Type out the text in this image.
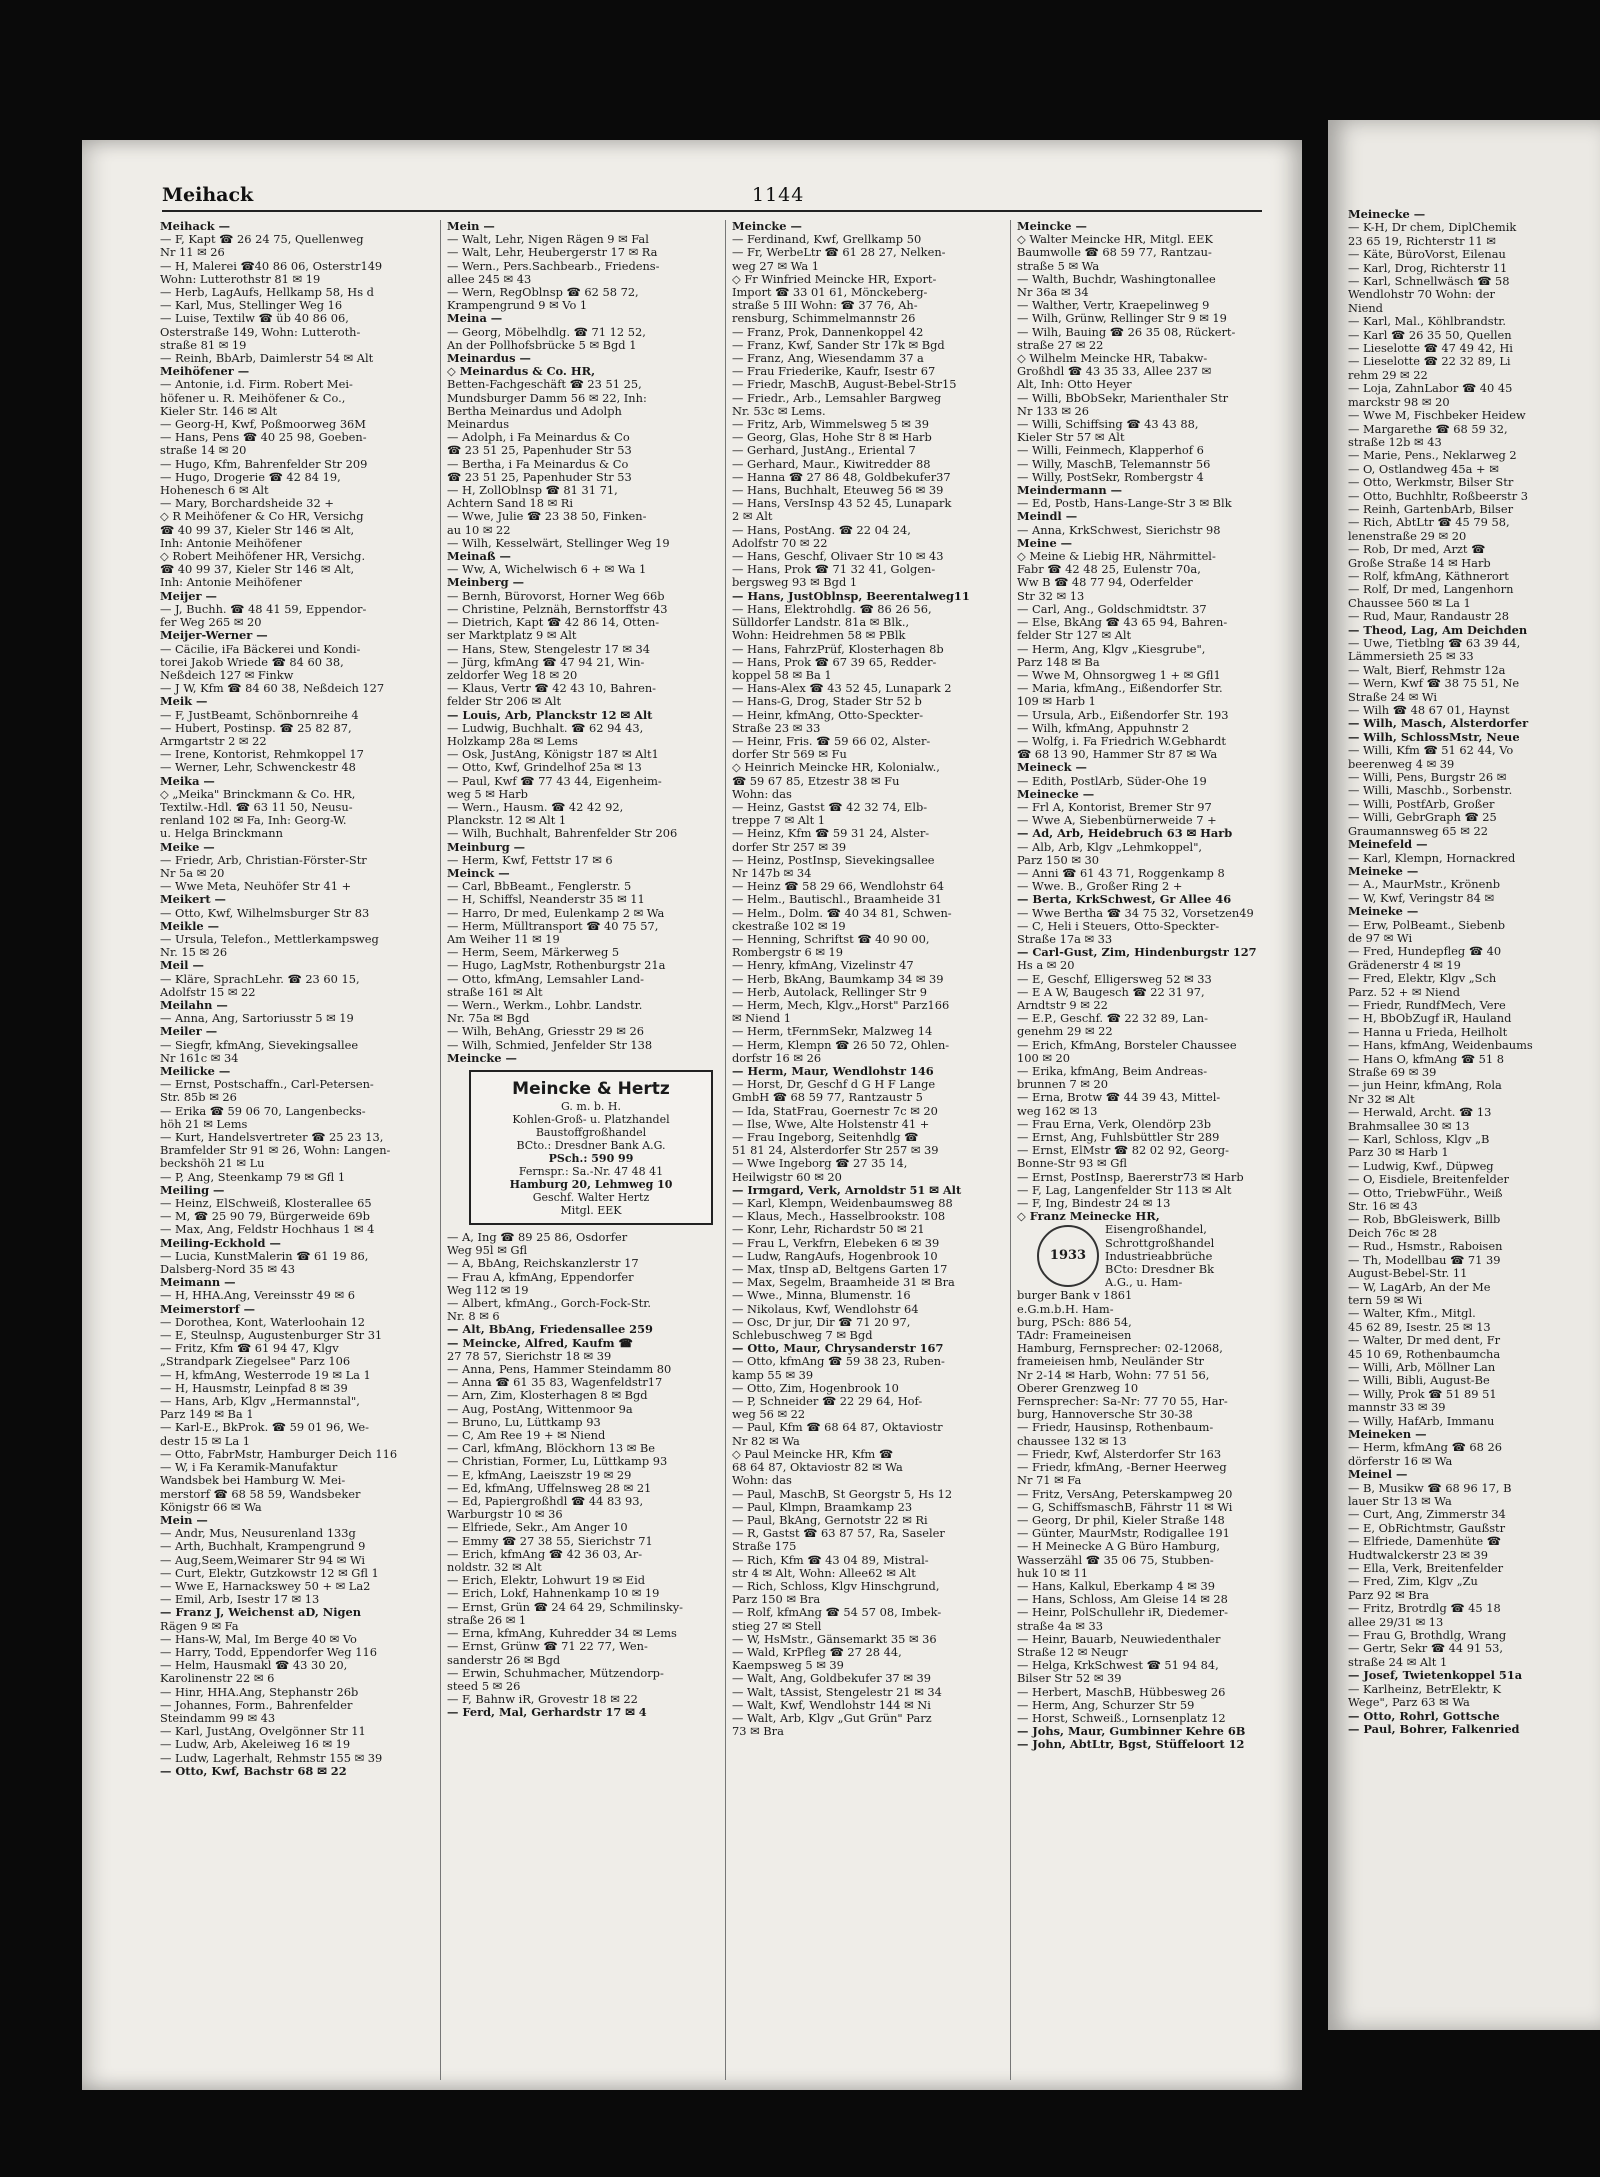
Meihack	1144
Meihack —
— F, Kapt ☎ 26 24 75, Quellenweg
Nr 11 ✉ 26
— H, Malerei ☎40 86 06, Osterstr149
Wohn: Lutterothstr 81 ✉ 19
— Herb, LagAufs, Hellkamp 58, Hs d
— Karl, Mus, Stellinger Weg 16
— Luise, Textilw ☎ üb 40 86 06,
Osterstraße 149, Wohn: Lutteroth-
straße 81 ✉ 19
— Reinh, BbArb, Daimlerstr 54 ✉ Alt
Meihöfener —
— Antonie, i.d. Firm. Robert Mei-
höfener u. R. Meihöfener & Co.,
Kieler Str. 146 ✉ Alt
— Georg-H, Kwf, Poßmoorweg 36M
— Hans, Pens ☎ 40 25 98, Goeben-
straße 14 ✉ 20
— Hugo, Kfm, Bahrenfelder Str 209
— Hugo, Drogerie ☎ 42 84 19,
Hohenesch 6 ✉ Alt
— Mary, Borchardsheide 32 +
◇ R Meihöfener & Co HR, Versichg
☎ 40 99 37, Kieler Str 146 ✉ Alt,
Inh: Antonie Meihöfener
◇ Robert Meihöfener HR, Versichg.
☎ 40 99 37, Kieler Str 146 ✉ Alt,
Inh: Antonie Meihöfener
Meijer —
— J, Buchh. ☎ 48 41 59, Eppendor-
fer Weg 265 ✉ 20
Meijer-Werner —
— Cäcilie, iFa Bäckerei und Kondi-
torei Jakob Wriede ☎ 84 60 38,
Neßdeich 127 ✉ Finkw
— J W, Kfm ☎ 84 60 38, Neßdeich 127
Meik —
— F, JustBeamt, Schönbornreihe 4
— Hubert, Postinsp. ☎ 25 82 87,
Armgartstr 2 ✉ 22
— Irene, Kontorist, Rehmkoppel 17
— Werner, Lehr, Schwenckestr 48
Meika —
◇ „Meika" Brinckmann & Co. HR,
Textilw.-Hdl. ☎ 63 11 50, Neusu-
renland 102 ✉ Fa, Inh: Georg-W.
u. Helga Brinckmann
Meike —
— Friedr, Arb, Christian-Förster-Str
Nr 5a ✉ 20
— Wwe Meta, Neuhöfer Str 41 +
Meikert —
— Otto, Kwf, Wilhelmsburger Str 83
Meikle —
— Ursula, Telefon., Mettlerkampsweg
Nr. 15 ✉ 26
Meil —
— Kläre, SprachLehr. ☎ 23 60 15,
Adolfstr 15 ✉ 22
Meilahn —
— Anna, Ang, Sartoriusstr 5 ✉ 19
Meiler —
— Siegfr, kfmAng, Sievekingsallee
Nr 161c ✉ 34
Meilicke —
— Ernst, Postschaffn., Carl-Petersen-
Str. 85b ✉ 26
— Erika ☎ 59 06 70, Langenbecks-
höh 21 ✉ Lems
— Kurt, Handelsvertreter ☎ 25 23 13,
Bramfelder Str 91 ✉ 26, Wohn: Langen-
beckshöh 21 ✉ Lu
— P, Ang, Steenkamp 79 ✉ Gfl 1
Meiling —
— Heinz, ElSchweiß, Klosterallee 65
— M, ☎ 25 90 79, Bürgerweide 69b
— Max, Ang, Feldstr Hochhaus 1 ✉ 4
Meiling-Eckhold —
— Lucia, KunstMalerin ☎ 61 19 86,
Dalsberg-Nord 35 ✉ 43
Meimann —
— H, HHA.Ang, Vereinsstr 49 ✉ 6
Meimerstorf —
— Dorothea, Kont, Waterloohain 12
— E, Steulnsp, Augustenburger Str 31
— Fritz, Kfm ☎ 61 94 47, Klgv
„Strandpark Ziegelsee" Parz 106
— H, kfmAng, Westerrode 19 ✉ La 1
— H, Hausmstr, Leinpfad 8 ✉ 39
— Hans, Arb, Klgv „Hermannstal",
Parz 149 ✉ Ba 1
— Karl-E., BkProk. ☎ 59 01 96, We-
destr 15 ✉ La 1
— Otto, FabrMstr, Hamburger Deich 116
— W, i Fa Keramik-Manufaktur
Wandsbek bei Hamburg W. Mei-
merstorf ☎ 68 58 59, Wandsbeker
Königstr 66 ✉ Wa
Mein —
— Andr, Mus, Neusurenland 133g
— Arth, Buchhalt, Krampengrund 9
— Aug,Seem,Weimarer Str 94 ✉ Wi
— Curt, Elektr, Gutzkowstr 12 ✉ Gfl 1
— Wwe E, Harnackswey 50 + ✉ La2
— Emil, Arb, Isestr 17 ✉ 13
— Franz J, Weichenst aD, Nigen
Rägen 9 ✉ Fa
— Hans-W, Mal, Im Berge 40 ✉ Vo
— Harry, Todd, Eppendorfer Weg 116
— Helm, Hausmakl ☎ 43 30 20,
Karolinenstr 22 ✉ 6
— Hinr, HHA.Ang, Stephanstr 26b
— Johannes, Form., Bahrenfelder
Steindamm 99 ✉ 43
— Karl, JustAng, Ovelgönner Str 11
— Ludw, Arb, Akeleiweg 16 ✉ 19
— Ludw, Lagerhalt, Rehmstr 155 ✉ 39
— Otto, Kwf, Bachstr 68 ✉ 22
Mein —
— Walt, Lehr, Nigen Rägen 9 ✉ Fal
— Walt, Lehr, Heubergerstr 17 ✉ Ra
— Wern., Pers.Sachbearb., Friedens-
allee 245 ✉ 43
— Wern, RegOblnsp ☎ 62 58 72,
Krampengrund 9 ✉ Vo 1
Meina —
— Georg, Möbelhdlg. ☎ 71 12 52,
An der Pollhofsbrücke 5 ✉ Bgd 1
Meinardus —
◇ Meinardus & Co. HR,
Betten-Fachgeschäft ☎ 23 51 25,
Mundsburger Damm 56 ✉ 22, Inh:
Bertha Meinardus und Adolph
Meinardus
— Adolph, i Fa Meinardus & Co
☎ 23 51 25, Papenhuder Str 53
— Bertha, i Fa Meinardus & Co
☎ 23 51 25, Papenhuder Str 53
— H, ZollOblnsp ☎ 81 31 71,
Achtern Sand 18 ✉ Ri
— Wwe, Julie ☎ 23 38 50, Finken-
au 10 ✉ 22
— Wilh, Kesselwärt, Stellinger Weg 19
Meinaß —
— Ww, A, Wichelwisch 6 + ✉ Wa 1
Meinberg —
— Bernh, Bürovorst, Horner Weg 66b
— Christine, Pelznäh, Bernstorffstr 43
— Dietrich, Kapt ☎ 42 86 14, Otten-
ser Marktplatz 9 ✉ Alt
— Hans, Stew, Stengelestr 17 ✉ 34
— Jürg, kfmAng ☎ 47 94 21, Win-
zeldorfer Weg 18 ✉ 20
— Klaus, Vertr ☎ 42 43 10, Bahren-
felder Str 206 ✉ Alt
— Louis, Arb, Planckstr 12 ✉ Alt
— Ludwig, Buchhalt. ☎ 62 94 43,
Holzkamp 28a ✉ Lems
— Osk, JustAng, Königstr 187 ✉ Alt1
— Otto, Kwf, Grindelhof 25a ✉ 13
— Paul, Kwf ☎ 77 43 44, Eigenheim-
weg 5 ✉ Harb
— Wern., Hausm. ☎ 42 42 92,
Planckstr. 12 ✉ Alt 1
— Wilh, Buchhalt, Bahrenfelder Str 206
Meinburg —
— Herm, Kwf, Fettstr 17 ✉ 6
Meinck —
— Carl, BbBeamt., Fenglerstr. 5
— H, Schiffsl, Neanderstr 35 ✉ 11
— Harro, Dr med, Eulenkamp 2 ✉ Wa
— Herm, Mülltransport ☎ 40 75 57,
Am Weiher 11 ✉ 19
— Herm, Seem, Märkerweg 5
— Hugo, LagMstr, Rothenburgstr 21a
— Otto, kfmAng, Lemsahler Land-
straße 161 ✉ Alt
— Wern., Werkm., Lohbr. Landstr.
Nr. 75a ✉ Bgd
— Wilh, BehAng, Griesstr 29 ✉ 26
— Wilh, Schmied, Jenfelder Str 138
Meincke —
Meincke & Hertz
G. m. b. H.
Kohlen-Groß- u. Platzhandel
Baustoffgroßhandel
BCto.: Dresdner Bank A.G.
PSch.: 590 99
Fernspr.: Sa.-Nr. 47 48 41
Hamburg 20, Lehmweg 10
Geschf. Walter Hertz
Mitgl. EEK
— A, Ing ☎ 89 25 86, Osdorfer
Weg 95l ✉ Gfl
— A, BbAng, Reichskanzlerstr 17
— Frau A, kfmAng, Eppendorfer
Weg 112 ✉ 19
— Albert, kfmAng., Gorch-Fock-Str.
Nr. 8 ✉ 6
— Alt, BbAng, Friedensallee 259
— Meincke, Alfred, Kaufm ☎
27 78 57, Sierichstr 18 ✉ 39
— Anna, Pens, Hammer Steindamm 80
— Anna ☎ 61 35 83, Wagenfeldstr17
— Arn, Zim, Klosterhagen 8 ✉ Bgd
— Aug, PostAng, Wittenmoor 9a
— Bruno, Lu, Lüttkamp 93
— C, Am Ree 19 + ✉ Niend
— Carl, kfmAng, Blöckhorn 13 ✉ Be
— Christian, Former, Lu, Lüttkamp 93
— E, kfmAng, Laeiszstr 19 ✉ 29
— Ed, kfmAng, Uffelnsweg 28 ✉ 21
— Ed, Papiergroßhdl ☎ 44 83 93,
Warburgstr 10 ✉ 36
— Elfriede, Sekr., Am Anger 10
— Emmy ☎ 27 38 55, Sierichstr 71
— Erich, kfmAng ☎ 42 36 03, Ar-
noldstr. 32 ✉ Alt
— Erich, Elektr, Lohwurt 19 ✉ Eid
— Erich, Lokf, Hahnenkamp 10 ✉ 19
— Ernst, Grün ☎ 24 64 29, Schmilinsky-
straße 26 ✉ 1
— Erna, kfmAng, Kuhredder 34 ✉ Lems
— Ernst, Grünw ☎ 71 22 77, Wen-
sanderstr 26 ✉ Bgd
— Erwin, Schuhmacher, Mützendorp-
steed 5 ✉ 26
— F, Bahnw iR, Grovestr 18 ✉ 22
— Ferd, Mal, Gerhardstr 17 ✉ 4
Meincke —
— Ferdinand, Kwf, Grellkamp 50
— Fr, WerbeLtr ☎ 61 28 27, Nelken-
weg 27 ✉ Wa 1
◇ Fr Winfried Meincke HR, Export-
Import ☎ 33 01 61, Mönckeberg-
straße 5 III Wohn: ☎ 37 76, Ah-
rensburg, Schimmelmannstr 26
— Franz, Prok, Dannenkoppel 42
— Franz, Kwf, Sander Str 17k ✉ Bgd
— Franz, Ang, Wiesendamm 37 a
— Frau Friederike, Kaufr, Isestr 67
— Friedr, MaschB, August-Bebel-Str15
— Friedr., Arb., Lemsahler Bargweg
Nr. 53c ✉ Lems.
— Fritz, Arb, Wimmelsweg 5 ✉ 39
— Georg, Glas, Hohe Str 8 ✉ Harb
— Gerhard, JustAng., Eriental 7
— Gerhard, Maur., Kiwitredder 88
— Hanna ☎ 27 86 48, Goldbekufer37
— Hans, Buchhalt, Eteuweg 56 ✉ 39
— Hans, VersInsp 43 52 45, Lunapark
2 ✉ Alt
— Hans, PostAng. ☎ 22 04 24,
Adolfstr 70 ✉ 22
— Hans, Geschf, Olivaer Str 10 ✉ 43
— Hans, Prok ☎ 71 32 41, Golgen-
bergsweg 93 ✉ Bgd 1
— Hans, JustOblnsp, Beerentalweg11
— Hans, Elektrohdlg. ☎ 86 26 56,
Sülldorfer Landstr. 81a ✉ Blk.,
Wohn: Heidrehmen 58 ✉ PBlk
— Hans, FahrzPrüf, Klosterhagen 8b
— Hans, Prok ☎ 67 39 65, Redder-
koppel 58 ✉ Ba 1
— Hans-Alex ☎ 43 52 45, Lunapark 2
— Hans-G, Drog, Stader Str 52 b
— Heinr, kfmAng, Otto-Speckter-
Straße 23 ✉ 33
— Heinr, Fris. ☎ 59 66 02, Alster-
dorfer Str 569 ✉ Fu
◇ Heinrich Meincke HR, Kolonialw.,
☎ 59 67 85, Etzestr 38 ✉ Fu
Wohn: das
— Heinz, Gastst ☎ 42 32 74, Elb-
treppe 7 ✉ Alt 1
— Heinz, Kfm ☎ 59 31 24, Alster-
dorfer Str 257 ✉ 39
— Heinz, PostInsp, Sievekingsallee
Nr 147b ✉ 34
— Heinz ☎ 58 29 66, Wendlohstr 64
— Helm., Bautischl., Braamheide 31
— Helm., Dolm. ☎ 40 34 81, Schwen-
ckestraße 102 ✉ 19
— Henning, Schriftst ☎ 40 90 00,
Rombergstr 6 ✉ 19
— Henry, kfmAng, Vizelinstr 47
— Herb, BkAng, Baumkamp 34 ✉ 39
— Herb, Autolack, Rellinger Str 9
— Herm, Mech, Klgv.„Horst" Parz166
✉ Niend 1
— Herm, tFernmSekr, Malzweg 14
— Herm, Klempn ☎ 26 50 72, Ohlen-
dorfstr 16 ✉ 26
— Herm, Maur, Wendlohstr 146
— Horst, Dr, Geschf d G H F Lange
GmbH ☎ 68 59 77, Rantzaustr 5
— Ida, StatFrau, Goernestr 7c ✉ 20
— Ilse, Wwe, Alte Holstenstr 41 +
— Frau Ingeborg, Seitenhdlg ☎
51 81 24, Alsterdorfer Str 257 ✉ 39
— Wwe Ingeborg ☎ 27 35 14,
Heilwigstr 60 ✉ 20
— Irmgard, Verk, Arnoldstr 51 ✉ Alt
— Karl, Klempn, Weidenbaumsweg 88
— Klaus, Mech., Hasselbrookstr. 108
— Konr, Lehr, Richardstr 50 ✉ 21
— Frau L, Verkfrn, Elebeken 6 ✉ 39
— Ludw, RangAufs, Hogenbrook 10
— Max, tInsp aD, Beltgens Garten 17
— Max, Segelm, Braamheide 31 ✉ Bra
— Wwe., Minna, Blumenstr. 16
— Nikolaus, Kwf, Wendlohstr 64
— Osc, Dr jur, Dir ☎ 71 20 97,
Schlebuschweg 7 ✉ Bgd
— Otto, Maur, Chrysanderstr 167
— Otto, kfmAng ☎ 59 38 23, Ruben-
kamp 55 ✉ 39
— Otto, Zim, Hogenbrook 10
— P, Schneider ☎ 22 29 64, Hof-
weg 56 ✉ 22
— Paul, Kfm ☎ 68 64 87, Oktaviostr
Nr 82 ✉ Wa
◇ Paul Meincke HR, Kfm ☎
68 64 87, Oktaviostr 82 ✉ Wa
Wohn: das
— Paul, MaschB, St Georgstr 5, Hs 12
— Paul, Klmpn, Braamkamp 23
— Paul, BkAng, Gernotstr 22 ✉ Ri
— R, Gastst ☎ 63 87 57, Ra, Saseler
Straße 175
— Rich, Kfm ☎ 43 04 89, Mistral-
str 4 ✉ Alt, Wohn: Allee62 ✉ Alt
— Rich, Schloss, Klgv Hinschgrund,
Parz 150 ✉ Bra
— Rolf, kfmAng ☎ 54 57 08, Imbek-
stieg 27 ✉ Stell
— W, HsMstr., Gänsemarkt 35 ✉ 36
— Wald, KrPfleg ☎ 27 28 44,
Kaempsweg 5 ✉ 39
— Walt, Ang, Goldbekufer 37 ✉ 39
— Walt, tAssist, Stengelestr 21 ✉ 34
— Walt, Kwf, Wendlohstr 144 ✉ Ni
— Walt, Arb, Klgv „Gut Grün" Parz
73 ✉ Bra
Meincke —
◇ Walter Meincke HR, Mitgl. EEK
Baumwolle ☎ 68 59 77, Rantzau-
straße 5 ✉ Wa
— Walth, Buchdr, Washingtonallee
Nr 36a ✉ 34
— Walther, Vertr, Kraepelinweg 9
— Wilh, Grünw, Rellinger Str 9 ✉ 19
— Wilh, Bauing ☎ 26 35 08, Rückert-
straße 27 ✉ 22
◇ Wilhelm Meincke HR, Tabakw-
Großhdl ☎ 43 35 33, Allee 237 ✉
Alt, Inh: Otto Heyer
— Willi, BbObSekr, Marienthaler Str
Nr 133 ✉ 26
— Willi, Schiffsing ☎ 43 43 88,
Kieler Str 57 ✉ Alt
— Willi, Feinmech, Klapperhof 6
— Willy, MaschB, Telemannstr 56
— Willy, PostSekr, Rombergstr 4
Meindermann —
— Ed, Postb, Hans-Lange-Str 3 ✉ Blk
Meindl —
— Anna, KrkSchwest, Sierichstr 98
Meine —
◇ Meine & Liebig HR, Nährmittel-
Fabr ☎ 42 48 25, Eulenstr 70a,
Ww B ☎ 48 77 94, Oderfelder
Str 32 ✉ 13
— Carl, Ang., Goldschmidtstr. 37
— Else, BkAng ☎ 43 65 94, Bahren-
felder Str 127 ✉ Alt
— Herm, Ang, Klgv „Kiesgrube",
Parz 148 ✉ Ba
— Wwe M, Ohnsorgweg 1 + ✉ Gfl1
— Maria, kfmAng., Eißendorfer Str.
109 ✉ Harb 1
— Ursula, Arb., Eißendorfer Str. 193
— Wilh, kfmAng, Appuhnstr 2
— Wolfg, i. Fa Friedrich W.Gebhardt
☎ 68 13 90, Hammer Str 87 ✉ Wa
Meineck —
— Edith, PostlArb, Süder-Ohe 19
Meinecke —
— Frl A, Kontorist, Bremer Str 97
— Wwe A, Siebenbürnerweide 7 +
— Ad, Arb, Heidebruch 63 ✉ Harb
— Alb, Arb, Klgv „Lehmkoppel",
Parz 150 ✉ 30
— Anni ☎ 61 43 71, Roggenkamp 8
— Wwe. B., Großer Ring 2 +
— Berta, KrkSchwest, Gr Allee 46
— Wwe Bertha ☎ 34 75 32, Vorsetzen49
— C, Heli i Steuers, Otto-Speckter-
Straße 17a ✉ 33
— Carl-Gust, Zim, Hindenburgstr 127
Hs a ✉ 20
— E, Geschf, Elligersweg 52 ✉ 33
— E A W, Baugesch ☎ 22 31 97,
Arndtstr 9 ✉ 22
— E.P., Geschf. ☎ 22 32 89, Lan-
genehm 29 ✉ 22
— Erich, KfmAng, Borsteler Chaussee
100 ✉ 20
— Erika, kfmAng, Beim Andreas-
brunnen 7 ✉ 20
— Erna, Brotw ☎ 44 39 43, Mittel-
weg 162 ✉ 13
— Frau Erna, Verk, Olendörp 23b
— Ernst, Ang, Fuhlsbüttler Str 289
— Ernst, ElMstr ☎ 82 02 92, Georg-
Bonne-Str 93 ✉ Gfl
— Ernst, PostInsp, Baererstr73 ✉ Harb
— F, Lag, Langenfelder Str 113 ✉ Alt
— F, Ing, Bindestr 24 ✉ 13
◇ Franz Meinecke HR,
1933
Eisengroßhandel,
Schrottgroßhandel
Industrieabbrüche
BCto: Dresdner Bk
A.G., u. Ham-
burger Bank v 1861
e.G.m.b.H. Ham-
burg, PSch: 886 54,
TAdr: Frameineisen
Hamburg, Fernsprecher: 02-12068,
frameieisen hmb, Neuländer Str
Nr 2-14 ✉ Harb, Wohn: 77 51 56,
Oberer Grenzweg 10
Fernsprecher: Sa-Nr: 77 70 55, Har-
burg, Hannoversche Str 30-38
— Friedr, Hausinsp, Rothenbaum-
chaussee 132 ✉ 13
— Friedr, Kwf, Alsterdorfer Str 163
— Friedr, kfmAng, -Berner Heerweg
Nr 71 ✉ Fa
— Fritz, VersAng, Peterskampweg 20
— G, SchiffsmaschB, Fährstr 11 ✉ Wi
— Georg, Dr phil, Kieler Straße 148
— Günter, MaurMstr, Rodigallee 191
— H Meinecke A G Büro Hamburg,
Wasserzähl ☎ 35 06 75, Stubben-
huk 10 ✉ 11
— Hans, Kalkul, Eberkamp 4 ✉ 39
— Hans, Schloss, Am Gleise 14 ✉ 28
— Heinr, PolSchullehr iR, Diedemer-
straße 4a ✉ 33
— Heinr, Bauarb, Neuwiedenthaler
Straße 12 ✉ Neugr
— Helga, KrkSchwest ☎ 51 94 84,
Bilser Str 52 ✉ 39
— Herbert, MaschB, Hübbesweg 26
— Herm, Ang, Schurzer Str 59
— Horst, Schweiß., Lornsenplatz 12
— Johs, Maur, Gumbinner Kehre 6B
— John, AbtLtr, Bgst, Stüffeloort 12
Meinecke —
— K-H, Dr chem, DiplChemik
23 65 19, Richterstr 11 ✉
— Käte, BüroVorst, Eilenau
— Karl, Drog, Richterstr 11
— Karl, Schnellwäsch ☎ 58
Wendlohstr 70 Wohn: der
Niend
— Karl, Mal., Köhlbrandstr.
— Karl ☎ 26 35 50, Quellen
— Lieselotte ☎ 47 49 42, Hi
— Lieselotte ☎ 22 32 89, Li
rehm 29 ✉ 22
— Loja, ZahnLabor ☎ 40 45
marckstr 98 ✉ 20
— Wwe M, Fischbeker Heidew
— Margarethe ☎ 68 59 32,
straße 12b ✉ 43
— Marie, Pens., Neklarweg 2
— O, Ostlandweg 45a + ✉
— Otto, Werkmstr, Bilser Str
— Otto, Buchhltr, Roßbeerstr 3
— Reinh, GartenbArb, Bilser
— Rich, AbtLtr ☎ 45 79 58,
lenenstraße 29 ✉ 20
— Rob, Dr med, Arzt ☎
Große Straße 14 ✉ Harb
— Rolf, kfmAng, Käthnerort
— Rolf, Dr med, Langenhorn
Chaussee 560 ✉ La 1
— Rud, Maur, Randaustr 28
— Theod, Lag, Am Deichden
— Uwe, Tietblng ☎ 63 39 44,
Lämmersieth 25 ✉ 33
— Walt, Bierf, Rehmstr 12a
— Wern, Kwf ☎ 38 75 51, Ne
Straße 24 ✉ Wi
— Wilh ☎ 48 67 01, Haynst
— Wilh, Masch, Alsterdorfer
— Wilh, SchlossMstr, Neue
— Willi, Kfm ☎ 51 62 44, Vo
beerenweg 4 ✉ 39
— Willi, Pens, Burgstr 26 ✉
— Willi, Maschb., Sorbenstr.
— Willi, PostfArb, Großer
— Willi, GebrGraph ☎ 25
Graumannsweg 65 ✉ 22
Meinefeld —
— Karl, Klempn, Hornackred
Meineke —
— A., MaurMstr., Krönenb
— W, Kwf, Veringstr 84 ✉
Meineke —
— Erw, PolBeamt., Siebenb
de 97 ✉ Wi
— Fred, Hundepfleg ☎ 40
Grädenerstr 4 ✉ 19
— Fred, Elektr, Klgv „Sch
Parz. 52 + ✉ Niend
— Friedr, RundfMech, Vere
— H, BbObZugf iR, Hauland
— Hanna u Frieda, Heilholt
— Hans, kfmAng, Weidenbaums
— Hans O, kfmAng ☎ 51 8
Straße 69 ✉ 39
— jun Heinr, kfmAng, Rola
Nr 32 ✉ Alt
— Herwald, Archt. ☎ 13
Brahmsallee 30 ✉ 13
— Karl, Schloss, Klgv „B
Parz 30 ✉ Harb 1
— Ludwig, Kwf., Düpweg
— O, Eisdiele, Breitenfelder
— Otto, TriebwFühr., Weiß
Str. 16 ✉ 43
— Rob, BbGleiswerk, Billb
Deich 76c ✉ 28
— Rud., Hsmstr., Raboisen
— Th, Modellbau ☎ 71 39
August-Bebel-Str. 11
— W, LagArb, An der Me
tern 59 ✉ Wi
— Walter, Kfm., Mitgl.
45 62 89, Isestr. 25 ✉ 13
— Walter, Dr med dent, Fr
45 10 69, Rothenbaumcha
— Willi, Arb, Möllner Lan
— Willi, Bibli, August-Be
— Willy, Prok ☎ 51 89 51
mannstr 33 ✉ 39
— Willy, HafArb, Immanu
Meineken —
— Herm, kfmAng ☎ 68 26
dörferstr 16 ✉ Wa
Meinel —
— B, Musikw ☎ 68 96 17, B
lauer Str 13 ✉ Wa
— Curt, Ang, Zimmerstr 34
— E, ObRichtmstr, Gaußstr
— Elfriede, Damenhüte ☎
Hudtwalckerstr 23 ✉ 39
— Ella, Verk, Breitenfelder
— Fred, Zim, Klgv „Zu
Parz 92 ✉ Bra
— Fritz, Brotrdlg ☎ 45 18
allee 29/31 ✉ 13
— Frau G, Brothdlg, Wrang
— Gertr, Sekr ☎ 44 91 53,
straße 24 ✉ Alt 1
— Josef, Twietenkoppel 51a
— Karlheinz, BetrElektr, K
Wege", Parz 63 ✉ Wa
— Otto, Rohrl, Gottsche
— Paul, Bohrer, Falkenried
